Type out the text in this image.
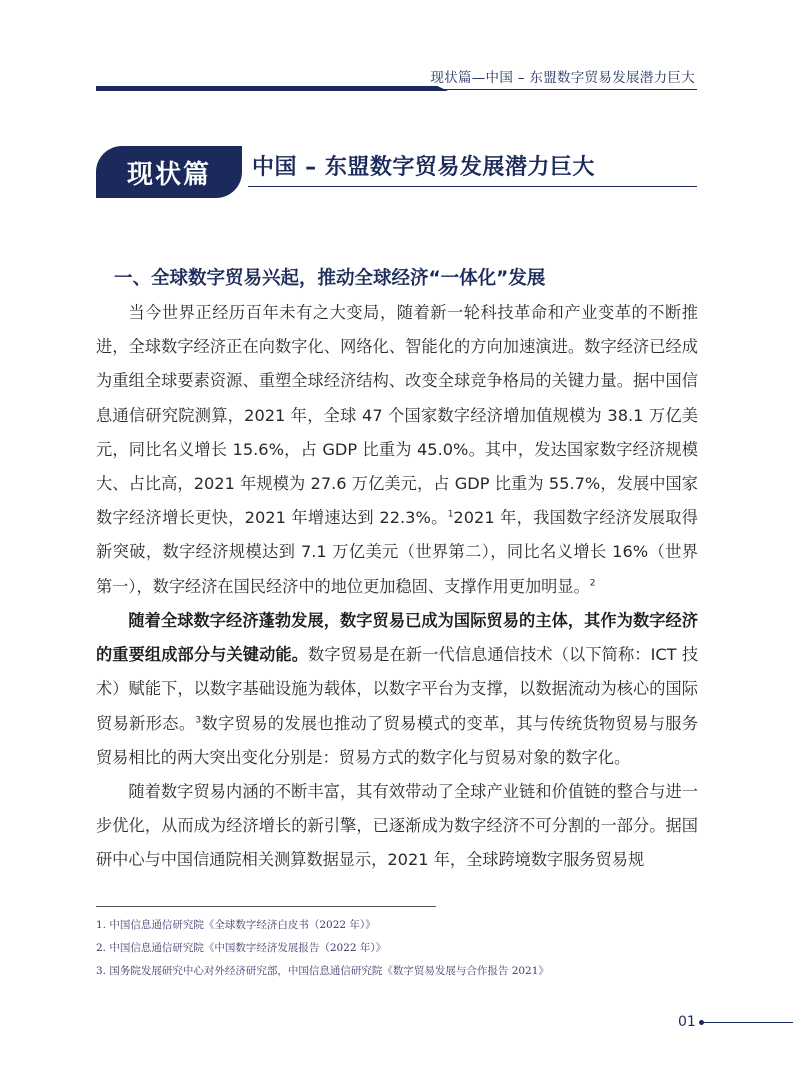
现状篇—中国 – 东盟数字贸易发展潜力巨大
现状篇	中国 – 东盟数字贸易发展潜力巨大
一、全球数字贸易兴起，推动全球经济“一体化”发展

当今世界正经历百年未有之大变局，随着新一轮科技革命和产业变革的不断推进，全球数字经济正在向数字化、网络化、智能化的方向加速演进。数字经济已经成为重组全球要素资源、重塑全球经济结构、改变全球竞争格局的关键力量。据中国信息通信研究院测算，2021 年，全球 47 个国家数字经济增加值规模为 38.1 万亿美元，同比名义增长 15.6%，占 GDP 比重为 45.0%。其中，发达国家数字经济规模大、占比高，2021 年规模为 27.6 万亿美元，占 GDP 比重为 55.7%，发展中国家数字经济增长更快，2021 年增速达到 22.3%。$^1$2021 年，我国数字经济发展取得新突破，数字经济规模达到 7.1 万亿美元（世界第二），同比名义增长 16%（世界第一），数字经济在国民经济中的地位更加稳固、支撑作用更加明显。$^2$

随着全球数字经济蓬勃发展，数字贸易已成为国际贸易的主体，其作为数字经济的重要组成部分与关键动能。数字贸易是在新一代信息通信技术（以下简称：ICT 技术）赋能下，以数字基础设施为载体，以数字平台为支撑，以数据流动为核心的国际贸易新形态。$^3$数字贸易的发展也推动了贸易模式的变革，其与传统货物贸易与服务贸易相比的两大突出变化分别是：贸易方式的数字化与贸易对象的数字化。

随着数字贸易内涵的不断丰富，其有效带动了全球产业链和价值链的整合与进一步优化，从而成为经济增长的新引擎，已逐渐成为数字经济不可分割的一部分。据国研中心与中国信通院相关测算数据显示，2021 年，全球跨境数字服务贸易规

1. 中国信息通信研究院《全球数字经济白皮书（2022 年）》
2. 中国信息通信研究院《中国数字经济发展报告（2022 年）》
3. 国务院发展研究中心对外经济研究部，中国信息通信研究院《数字贸易发展与合作报告 2021》
01
